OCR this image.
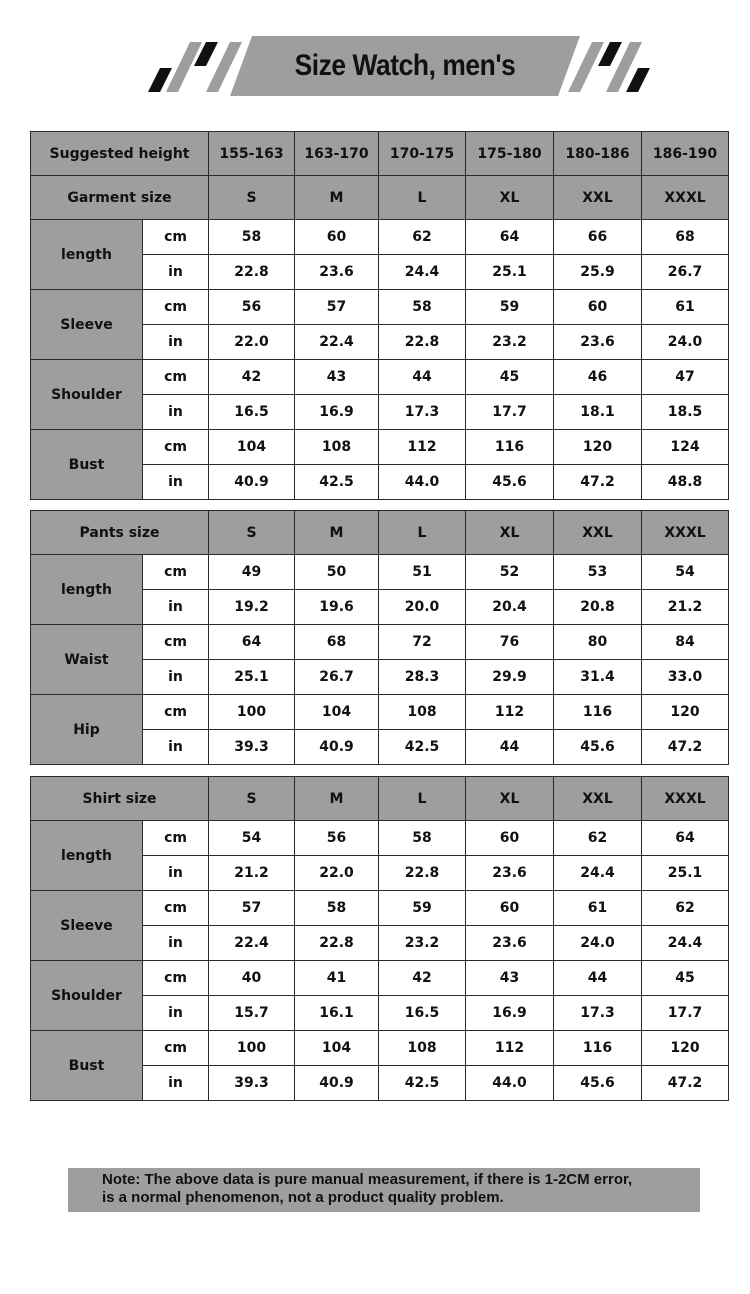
Size Watch, men's
Suggested height		155-163	163-170	170-175	175-180	180-186	186-190
Garment size		S	M	L	XL	XXL	XXXL
length	cm	58	60	62	64	66	68
	in	22.8	23.6	24.4	25.1	25.9	26.7
Sleeve	cm	56	57	58	59	60	61
	in	22.0	22.4	22.8	23.2	23.6	24.0
Shoulder	cm	42	43	44	45	46	47
	in	16.5	16.9	17.3	17.7	18.1	18.5
Bust	cm	104	108	112	116	120	124
	in	40.9	42.5	44.0	45.6	47.2	48.8
Pants size		S	M	L	XL	XXL	XXXL
length	cm	49	50	51	52	53	54
	in	19.2	19.6	20.0	20.4	20.8	21.2
Waist	cm	64	68	72	76	80	84
	in	25.1	26.7	28.3	29.9	31.4	33.0
Hip	cm	100	104	108	112	116	120
	in	39.3	40.9	42.5	44	45.6	47.2
Shirt size		S	M	L	XL	XXL	XXXL
length	cm	54	56	58	60	62	64
	in	21.2	22.0	22.8	23.6	24.4	25.1
Sleeve	cm	57	58	59	60	61	62
	in	22.4	22.8	23.2	23.6	24.0	24.4
Shoulder	cm	40	41	42	43	44	45
	in	15.7	16.1	16.5	16.9	17.3	17.7
Bust	cm	100	104	108	112	116	120
	in	39.3	40.9	42.5	44.0	45.6	47.2
Note: The above data is pure manual measurement, if there is 1-2CM error,
is a normal phenomenon, not a product quality problem.
